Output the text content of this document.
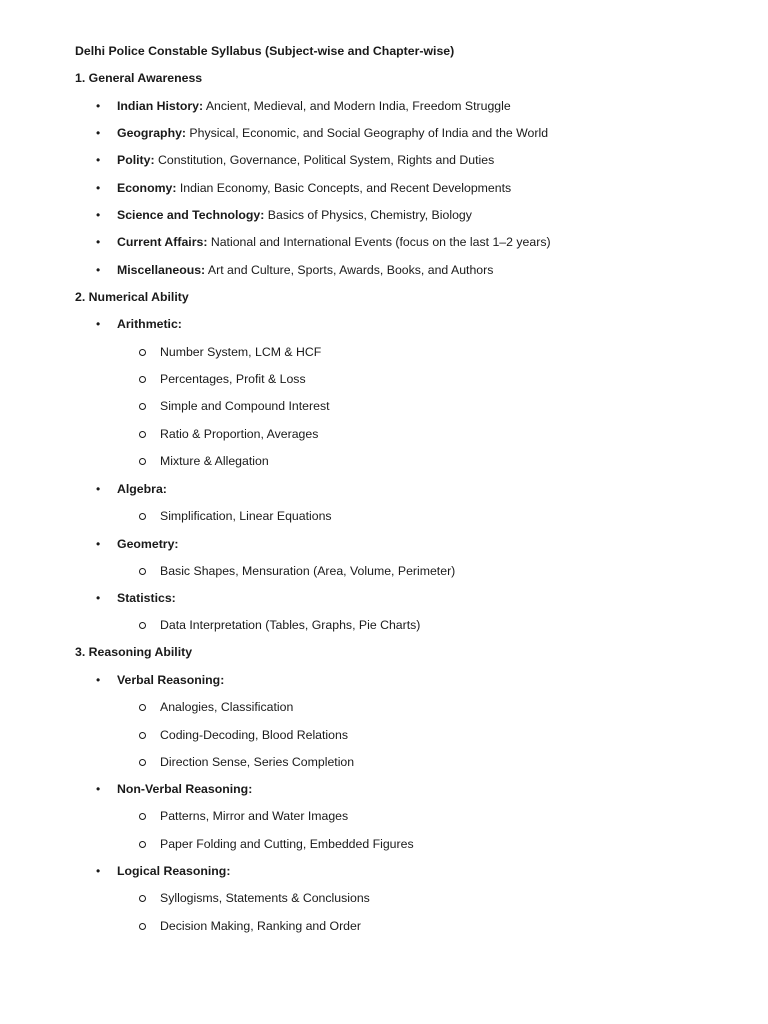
Delhi Police Constable Syllabus (Subject-wise and Chapter-wise)
1. General Awareness
• Indian History: Ancient, Medieval, and Modern India, Freedom Struggle
• Geography: Physical, Economic, and Social Geography of India and the World
• Polity: Constitution, Governance, Political System, Rights and Duties
• Economy: Indian Economy, Basic Concepts, and Recent Developments
• Science and Technology: Basics of Physics, Chemistry, Biology
• Current Affairs: National and International Events (focus on the last 1–2 years)
• Miscellaneous: Art and Culture, Sports, Awards, Books, and Authors
2. Numerical Ability
• Arithmetic:
Number System, LCM & HCF
Percentages, Profit & Loss
Simple and Compound Interest
Ratio & Proportion, Averages
Mixture & Allegation
• Algebra:
Simplification, Linear Equations
• Geometry:
Basic Shapes, Mensuration (Area, Volume, Perimeter)
• Statistics:
Data Interpretation (Tables, Graphs, Pie Charts)
3. Reasoning Ability
• Verbal Reasoning:
Analogies, Classification
Coding-Decoding, Blood Relations
Direction Sense, Series Completion
• Non-Verbal Reasoning:
Patterns, Mirror and Water Images
Paper Folding and Cutting, Embedded Figures
• Logical Reasoning:
Syllogisms, Statements & Conclusions
Decision Making, Ranking and Order
